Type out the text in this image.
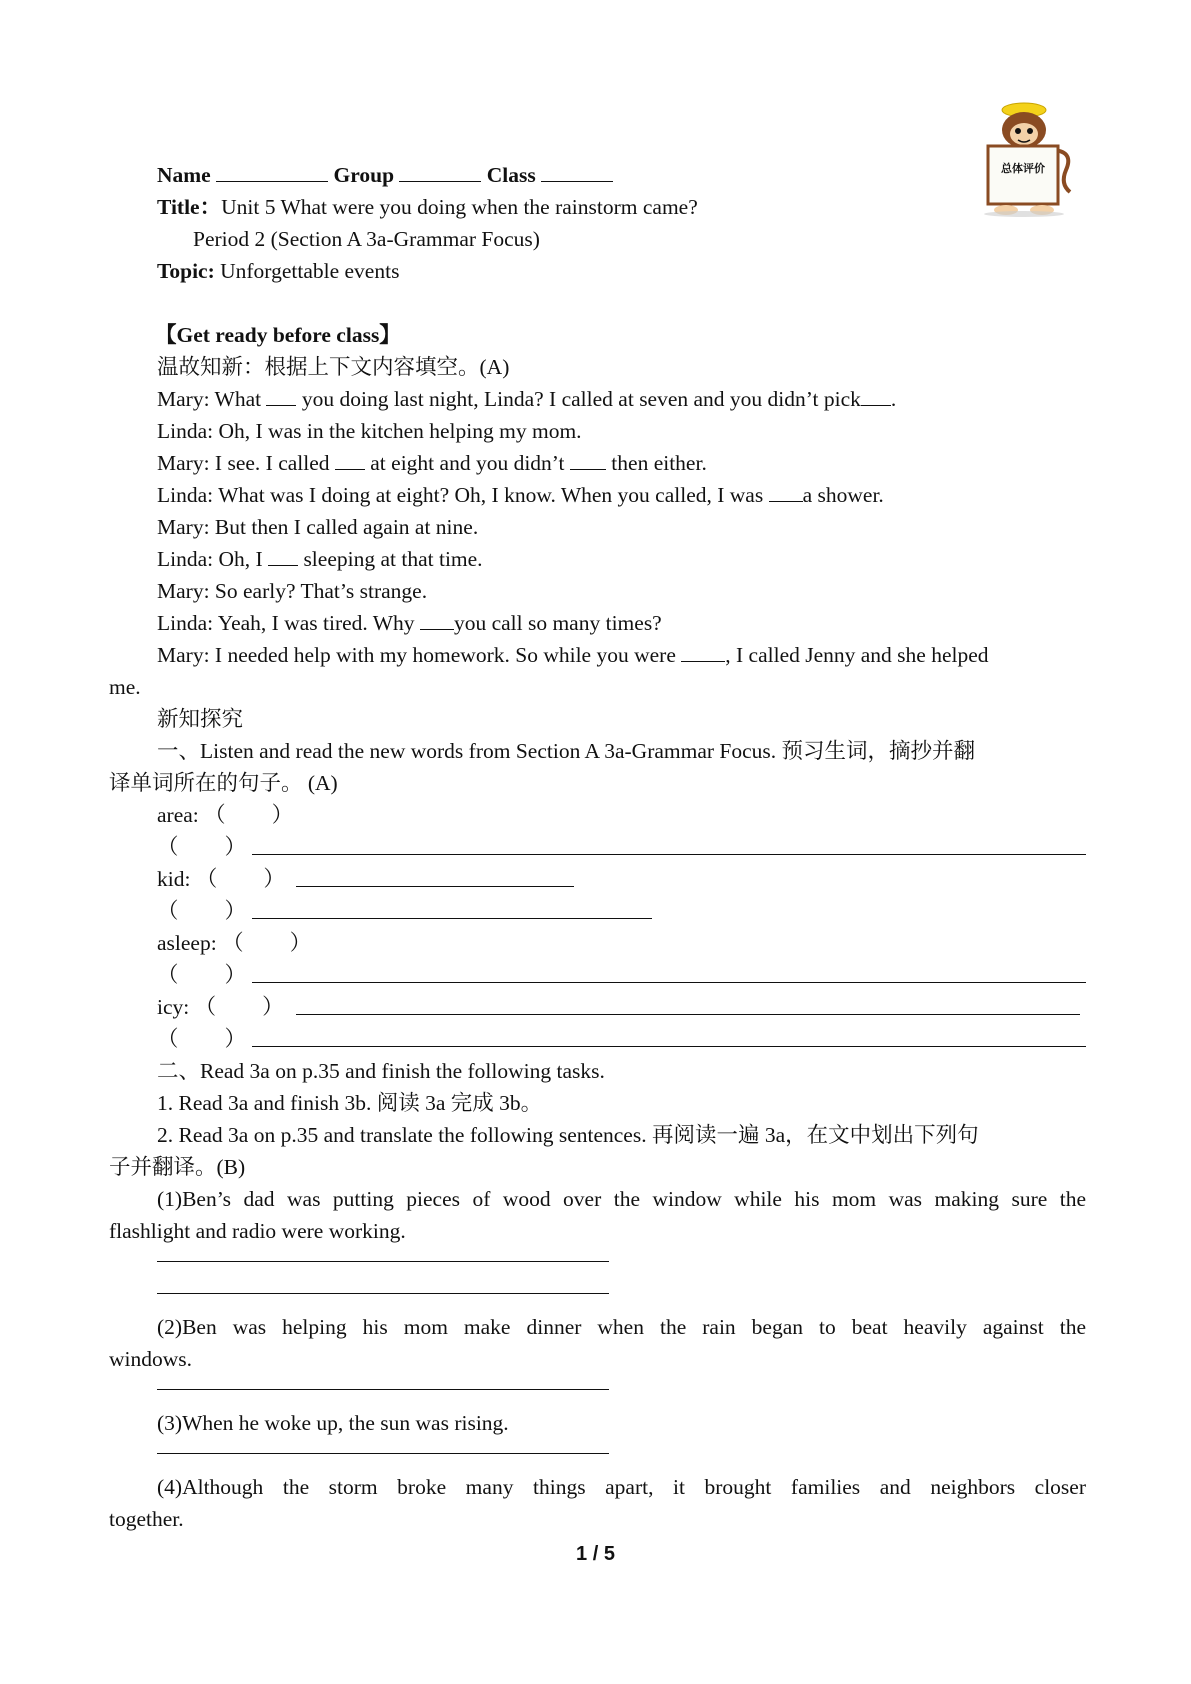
总体评价
Name	Group	Class
Title：Unit 5 What were you doing when the rainstorm came?
Period 2 (Section A 3a-Grammar Focus)
Topic: Unforgettable events
【Get ready before class】
温故知新：根据上下文内容填空。(A)
Mary: What  you doing last night, Linda? I called at seven and you didn’t pick .
Linda: Oh, I was in the kitchen helping my mom.
Mary: I see. I called  at eight and you didn’t  then either.
Linda: What was I doing at eight? Oh, I know. When you called, I was a shower.
Mary: But then I called again at nine.
Linda: Oh, I  sleeping at that time.
Mary: So early? That’s strange.
Linda: Yeah, I was tired. Why you call so many times?
Mary: I needed help with my homework. So while you were , I called Jenny and she helped
me.
新知探究
一、Listen and read the new words from Section A 3a-Grammar Focus. 预习生词，摘抄并翻
译单词所在的句子。 (A)
area: （ ）
（ ）
kid: （ ）
（ ）
asleep: （ ）
（ ）
icy: （ ）
（ ）
二、Read 3a on p.35 and finish the following tasks.
1. Read 3a and finish 3b. 阅读 3a 完成 3b。
2. Read 3a on p.35 and translate the following sentences. 再阅读一遍 3a，在文中划出下列句
子并翻译。(B)
(1)Ben’s dad was putting pieces of wood over the window while his mom was making sure the
flashlight and radio were working.
(2)Ben was helping his mom make dinner when the rain began to beat heavily against the
windows.
(3)When he woke up, the sun was rising.
(4)Although the storm broke many things apart, it brought families and neighbors closer
together.
1 / 5
